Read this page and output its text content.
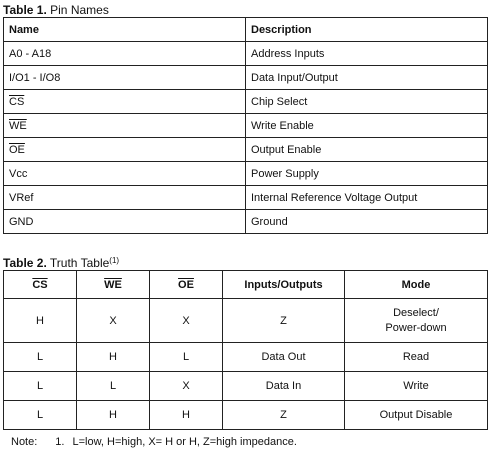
Table 1. Pin Names
Name	Description
A0 - A18	Address Inputs
I/O1 - I/O8	Data Input/Output
$\overline{CS}$	Chip Select
$\overline{WE}$	Write Enable
$\overline{OE}$	Output Enable
Vcc	Power Supply
VRef	Internal Reference Voltage Output
GND	Ground
Table 2. Truth Table$^{(1)}$
$\overline{CS}$	$\overline{WE}$	$\overline{OE}$	Inputs/Outputs	Mode
H	X	X	Z	Deselect/
Power-down

L	H	L	Data Out	Read
L	L	X	Data In	Write
L	H	H	Z	Output Disable
Note: 1. L=low, H=high, X= H or H, Z=high impedance.
